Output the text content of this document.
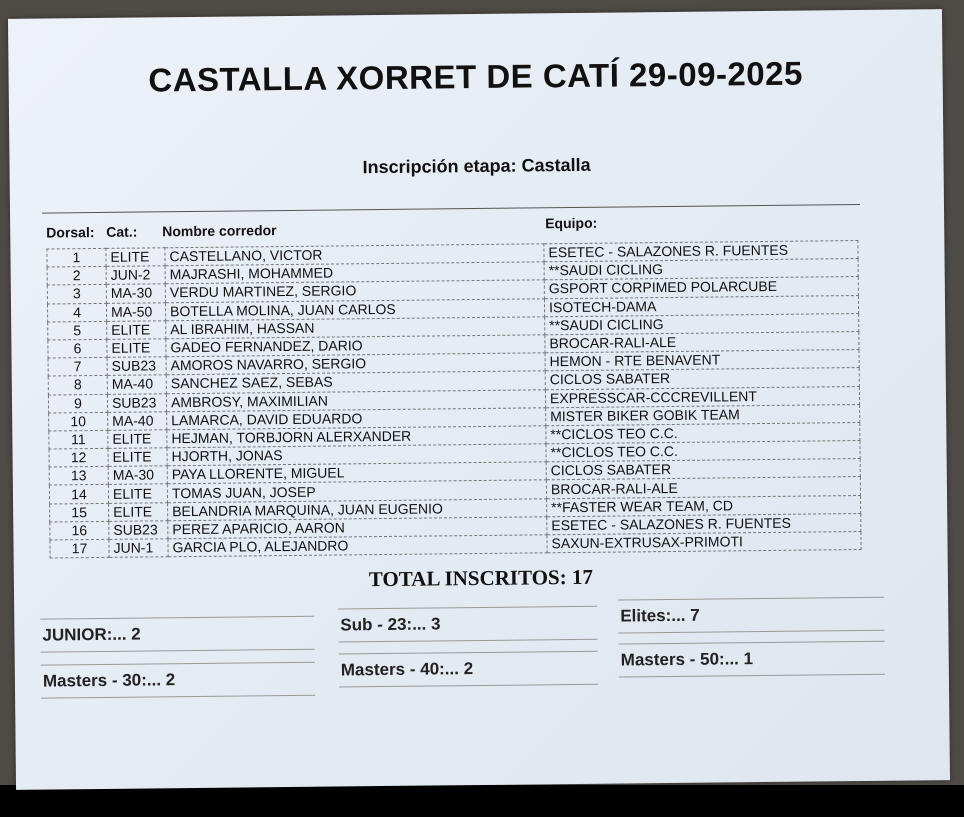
CASTALLA XORRET DE CATÍ 29-09-2025
Inscripción etapa: Castalla
Dorsal: Cat.: Nombre corredor	Equipo:
1	ELITE	CASTELLANO, VICTOR	ESETEC - SALAZONES R. FUENTES
2	JUN-2	MAJRASHI, MOHAMMED	**SAUDI CICLING
3	MA-30	VERDU MARTINEZ, SERGIO	GSPORT CORPIMED POLARCUBE
4	MA-50	BOTELLA MOLINA, JUAN CARLOS	ISOTECH-DAMA
5	ELITE	AL IBRAHIM, HASSAN	**SAUDI CICLING
6	ELITE	GADEO FERNANDEZ, DARIO	BROCAR-RALI-ALE
7	SUB23	AMOROS NAVARRO, SERGIO	HEMON - RTE BENAVENT
8	MA-40	SANCHEZ SAEZ, SEBAS	CICLOS SABATER
9	SUB23	AMBROSY, MAXIMILIAN	EXPRESSCAR-CCCREVILLENT
10	MA-40	LAMARCA, DAVID EDUARDO	MISTER BIKER GOBIK TEAM
11	ELITE	HEJMAN, TORBJORN ALERXANDER	**CICLOS TEO C.C.
12	ELITE	HJORTH, JONAS	**CICLOS TEO C.C.
13	MA-30	PAYA LLORENTE, MIGUEL	CICLOS SABATER
14	ELITE	TOMAS JUAN, JOSEP	BROCAR-RALI-ALE
15	ELITE	BELANDRIA MARQUINA, JUAN EUGENIO	**FASTER WEAR TEAM, CD
16	SUB23	PEREZ APARICIO, AARON	ESETEC - SALAZONES R. FUENTES
17	JUN-1	GARCIA PLO, ALEJANDRO	SAXUN-EXTRUSAX-PRIMOTI
TOTAL INSCRITOS: 17
JUNIOR:... 2
Sub - 23:... 3	Elites:... 7
Masters - 30:... 2
Masters - 40:... 2	Masters - 50:... 1
